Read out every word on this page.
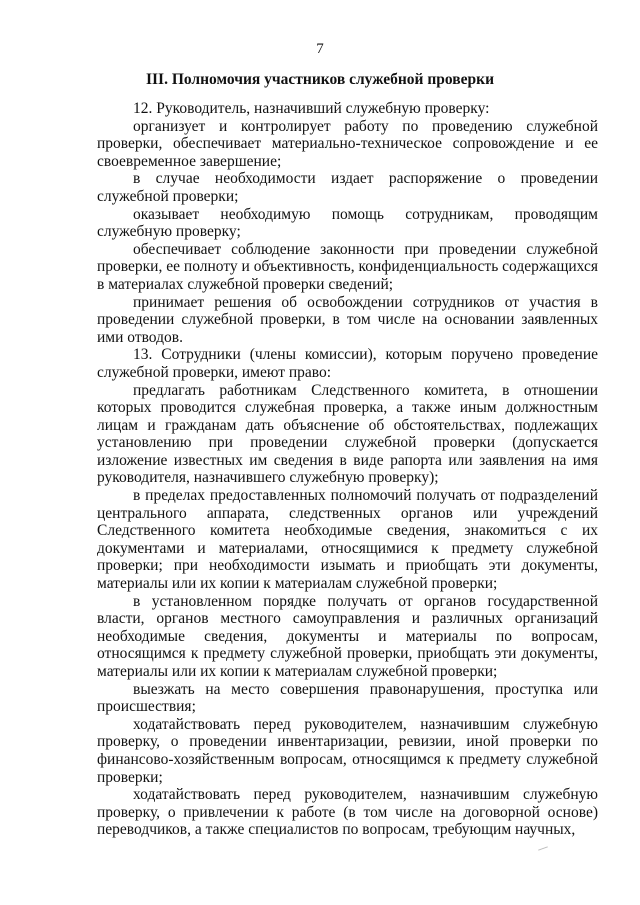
7
III. Полномочия участников служебной проверки

12. Руководитель, назначивший служебную проверку:

организует и контролирует работу по проведению служебной проверки, обеспечивает материально-техническое сопровождение и ее своевременное завершение;

в случае необходимости издает распоряжение о проведении служебной проверки;

оказывает необходимую помощь сотрудникам, проводящим служебную проверку;

обеспечивает соблюдение законности при проведении служебной проверки, ее полноту и объективность, конфиденциальность содержащихся в материалах служебной проверки сведений;

принимает решения об освобождении сотрудников от участия в проведении служебной проверки, в том числе на основании заявленных ими отводов.

13. Сотрудники (члены комиссии), которым поручено проведение служебной проверки, имеют право:

предлагать работникам Следственного комитета, в отношении которых проводится служебная проверка, а также иным должностным лицам и гражданам дать объяснение об обстоятельствах, подлежащих установлению при проведении служебной проверки (допускается изложение известных им сведения в виде рапорта или заявления на имя руководителя, назначившего служебную проверку);

в пределах предоставленных полномочий получать от подразделений центрального аппарата, следственных органов или учреждений Следственного комитета необходимые сведения, знакомиться с их документами и материалами, относящимися к предмету служебной проверки; при необходимости изымать и приобщать эти документы, материалы или их копии к материалам служебной проверки;

в установленном порядке получать от органов государственной власти, органов местного самоуправления и различных организаций необходимые сведения, документы и материалы по вопросам, относящимся к предмету служебной проверки, приобщать эти документы, материалы или их копии к материалам служебной проверки;

выезжать на место совершения правонарушения, проступка или происшествия;

ходатайствовать перед руководителем, назначившим служебную проверку, о проведении инвентаризации, ревизии, иной проверки по финансово-хозяйственным вопросам, относящимся к предмету служебной проверки;

ходатайствовать перед руководителем, назначившим служебную проверку, о привлечении к работе (в том числе на договорной основе) переводчиков, а также специалистов по вопросам, требующим научных,
